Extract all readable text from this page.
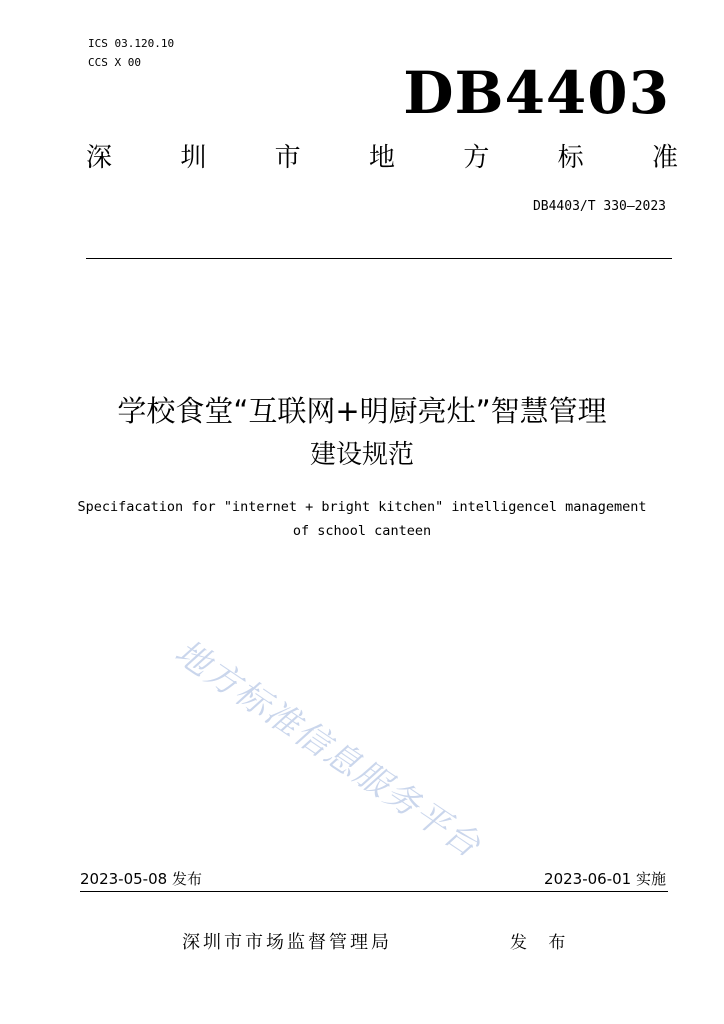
ICS 03.120.10
CCS X 00	DB4403
深	圳	市	地	方	标	准
DB4403/T 330—2023
学校食堂“互联网+明厨亮灶”智慧管理
建设规范
Specifacation for "internet + bright kitchen" intelligencel management
of school canteen
地方标准信息服务平台
2023-05-08 发布	2023-06-01 实施
深圳市市场监督管理局	发 布
